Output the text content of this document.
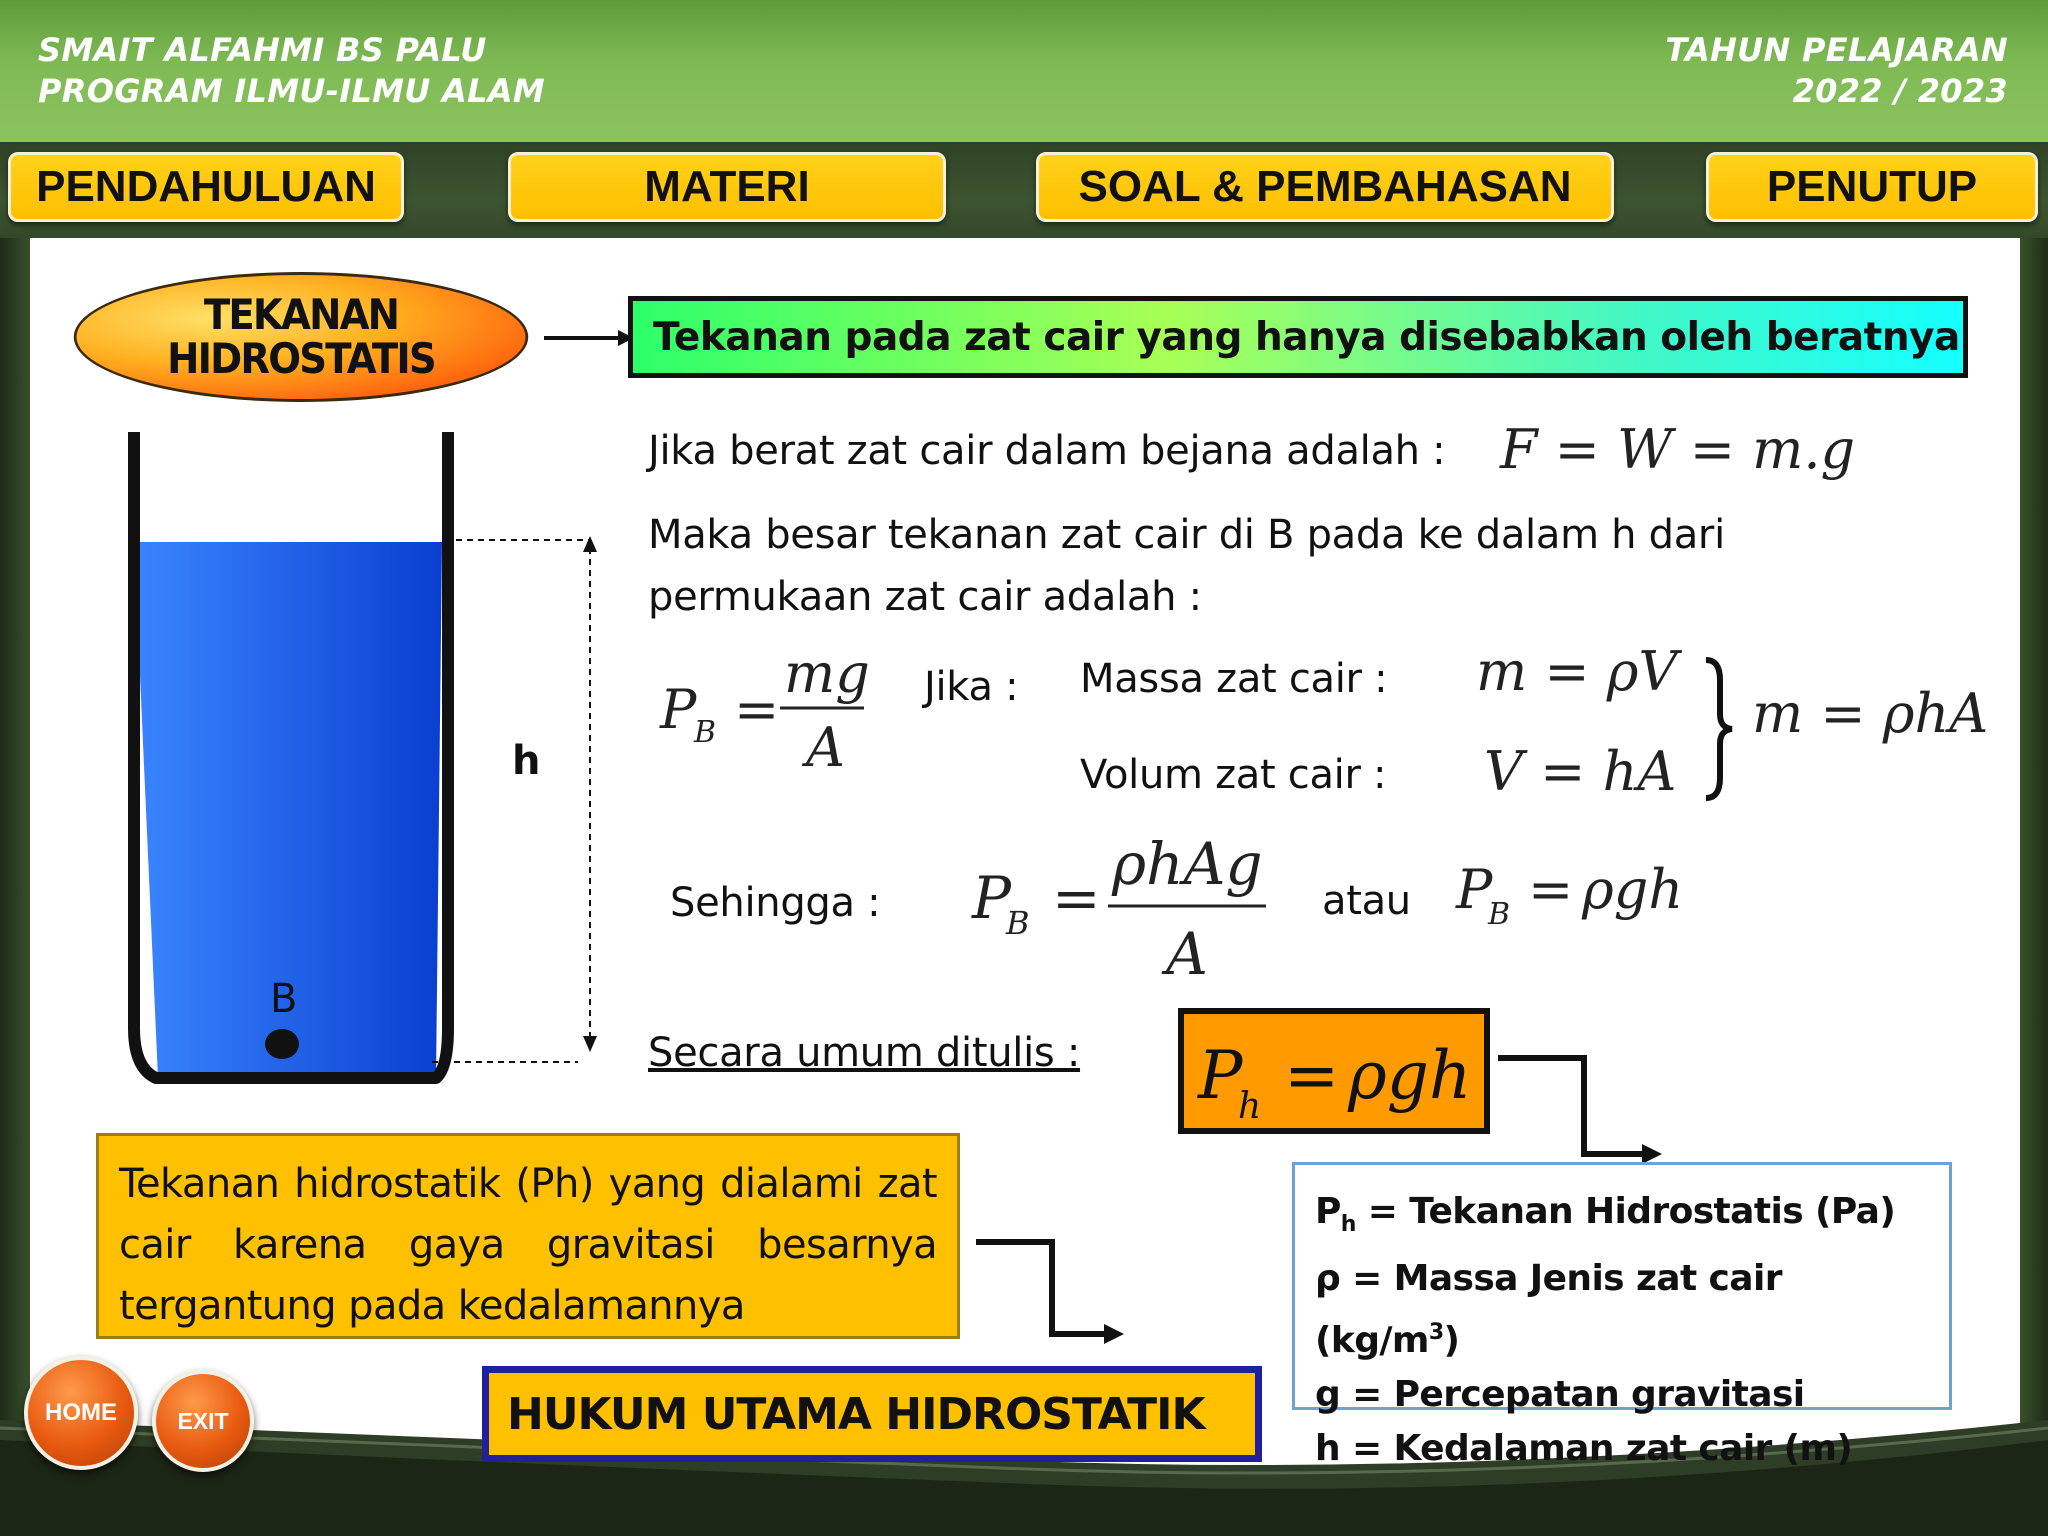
SMAIT ALFAHMI BS PALU
PROGRAM ILMU-ILMU ALAM
TAHUN PELAJARAN
2022 / 2023
PENDAHULUAN	MATERI	SOAL & PEMBAHASAN	PENUTUP
TEKANAN
HIDROSTATIS	Tekanan pada zat cair yang hanya disebabkan oleh beratnya
h
B
Jika berat zat cair dalam bejana adalah : F = W = m.g
Maka besar tekanan zat cair di B pada ke dalam h dari
permukaan zat cair adalah :
P
B =
mg
A
Jika : Massa zat cair :
Volum zat cair :
m = ρV
V = hA
m = ρhA
Sehingga : P
B = ρhAg
A
atau P
B = ρgh
Secara umum ditulis : P
h = ρgh
Tekanan hidrostatik (Ph) yang dialami zat cair karena gaya gravitasi besarnya tergantung pada kedalamannya
HUKUM UTAMA HIDROSTATIK
$P_h$ = Tekanan Hidrostatis (Pa)
ρ = Massa Jenis zat cair $(kg/m^3)$
g = Percepatan gravitasi
h = Kedalaman zat cair (m)
HOME	EXIT
